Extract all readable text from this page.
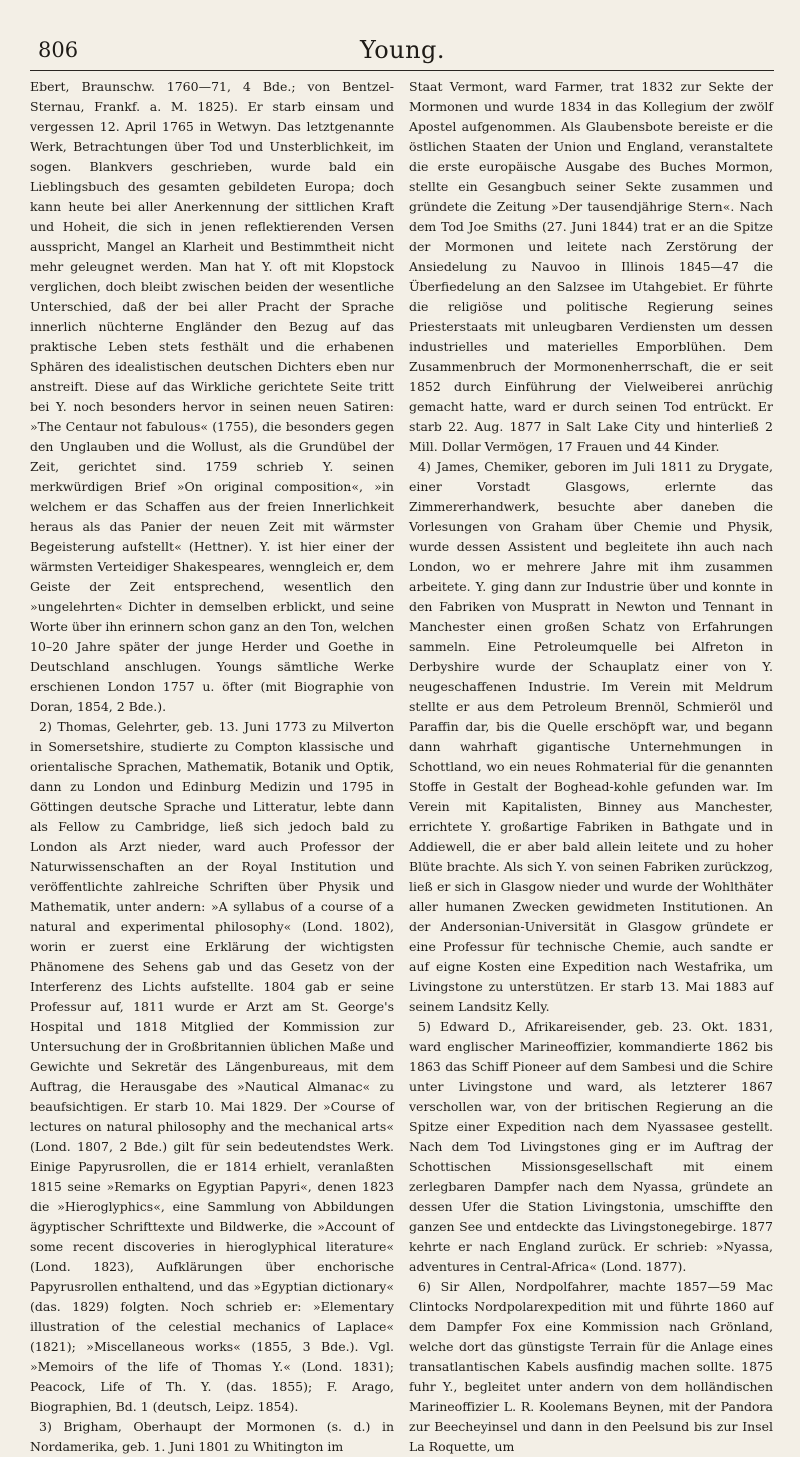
806	Young.

Ebert, Braunschw. 1760—71, 4 Bde.; von Bentzel-Sternau, Frankf. a. M. 1825). Er starb einsam und vergessen 12. April 1765 in Wetwyn. Das letztgenannte Werk, Betrachtungen über Tod und Unsterblichkeit, im sogen. Blankvers geschrieben, wurde bald ein Lieblingsbuch des gesamten gebildeten Europa; doch kann heute bei aller Anerkennung der sittlichen Kraft und Hoheit, die sich in jenen reflektierenden Versen ausspricht, Mangel an Klarheit und Bestimmtheit nicht mehr geleugnet werden. Man hat Y. oft mit Klopstock verglichen, doch bleibt zwischen beiden der wesentliche Unterschied, daß der bei aller Pracht der Sprache innerlich nüchterne Engländer den Bezug auf das praktische Leben stets festhält und die erhabenen Sphären des idealistischen deutschen Dichters eben nur anstreift. Diese auf das Wirkliche gerichtete Seite tritt bei Y. noch besonders hervor in seinen neuen Satiren: »The Centaur not fabulous« (1755), die besonders gegen den Unglauben und die Wollust, als die Grundübel der Zeit, gerichtet sind. 1759 schrieb Y. seinen merkwürdigen Brief »On original composition«, »in welchem er das Schaffen aus der freien Innerlichkeit heraus als das Panier der neuen Zeit mit wärmster Begeisterung aufstellt« (Hettner). Y. ist hier einer der wärmsten Verteidiger Shakespeares, wenngleich er, dem Geiste der Zeit entsprechend, wesentlich den »ungelehrten« Dichter in demselben erblickt, und seine Worte über ihn erinnern schon ganz an den Ton, welchen 10–20 Jahre später der junge Herder und Goethe in Deutschland anschlugen. Youngs sämtliche Werke erschienen London 1757 u. öfter (mit Biographie von Doran, 1854, 2 Bde.).

2) Thomas, Gelehrter, geb. 13. Juni 1773 zu Milverton in Somersetshire, studierte zu Compton klassische und orientalische Sprachen, Mathematik, Botanik und Optik, dann zu London und Edinburg Medizin und 1795 in Göttingen deutsche Sprache und Litteratur, lebte dann als Fellow zu Cambridge, ließ sich jedoch bald zu London als Arzt nieder, ward auch Professor der Naturwissenschaften an der Royal Institution und veröffentlichte zahlreiche Schriften über Physik und Mathematik, unter andern: »A syllabus of a course of a natural and experimental philosophy« (Lond. 1802), worin er zuerst eine Erklärung der wichtigsten Phänomene des Sehens gab und das Gesetz von der Interferenz des Lichts aufstellte. 1804 gab er seine Professur auf, 1811 wurde er Arzt am St. George's Hospital und 1818 Mitglied der Kommission zur Untersuchung der in Großbritannien üblichen Maße und Gewichte und Sekretär des Längenbureaus, mit dem Auftrag, die Herausgabe des »Nautical Almanac« zu beaufsichtigen. Er starb 10. Mai 1829. Der »Course of lectures on natural philosophy and the mechanical arts« (Lond. 1807, 2 Bde.) gilt für sein bedeutendstes Werk. Einige Papyrusrollen, die er 1814 erhielt, veranlaßten 1815 seine »Remarks on Egyptian Papyri«, denen 1823 die »Hieroglyphics«, eine Sammlung von Abbildungen ägyptischer Schrifttexte und Bildwerke, die »Account of some recent discoveries in hieroglyphical literature« (Lond. 1823), Aufklärungen über enchorische Papyrusrollen enthaltend, und das »Egyptian dictionary« (das. 1829) folgten. Noch schrieb er: »Elementary illustration of the celestial mechanics of Laplace« (1821); »Miscellaneous works« (1855, 3 Bde.). Vgl. »Memoirs of the life of Thomas Y.« (Lond. 1831); Peacock, Life of Th. Y. (das. 1855); F. Arago, Biographien, Bd. 1 (deutsch, Leipz. 1854).

3) Brigham, Oberhaupt der Mormonen (s. d.) in Nordamerika, geb. 1. Juni 1801 zu Whitington im

Staat Vermont, ward Farmer, trat 1832 zur Sekte der Mormonen und wurde 1834 in das Kollegium der zwölf Apostel aufgenommen. Als Glaubensbote bereiste er die östlichen Staaten der Union und England, veranstaltete die erste europäische Ausgabe des Buches Mormon, stellte ein Gesangbuch seiner Sekte zusammen und gründete die Zeitung »Der tausendjährige Stern«. Nach dem Tod Joe Smiths (27. Juni 1844) trat er an die Spitze der Mormonen und leitete nach Zerstörung der Ansiedelung zu Nauvoo in Illinois 1845—47 die Überfiedelung an den Salzsee im Utahgebiet. Er führte die religiöse und politische Regierung seines Priesterstaats mit unleugbaren Verdiensten um dessen industrielles und materielles Emporblühen. Dem Zusammenbruch der Mormonenherrschaft, die er seit 1852 durch Einführung der Vielweiberei anrüchig gemacht hatte, ward er durch seinen Tod entrückt. Er starb 22. Aug. 1877 in Salt Lake City und hinterließ 2 Mill. Dollar Vermögen, 17 Frauen und 44 Kinder.

4) James, Chemiker, geboren im Juli 1811 zu Drygate, einer Vorstadt Glasgows, erlernte das Zimmererhandwerk, besuchte aber daneben die Vorlesungen von Graham über Chemie und Physik, wurde dessen Assistent und begleitete ihn auch nach London, wo er mehrere Jahre mit ihm zusammen arbeitete. Y. ging dann zur Industrie über und konnte in den Fabriken von Muspratt in Newton und Tennant in Manchester einen großen Schatz von Erfahrungen sammeln. Eine Petroleumquelle bei Alfreton in Derbyshire wurde der Schauplatz einer von Y. neugeschaffenen Industrie. Im Verein mit Meldrum stellte er aus dem Petroleum Brennöl, Schmieröl und Paraffin dar, bis die Quelle erschöpft war, und begann dann wahrhaft gigantische Unternehmungen in Schottland, wo ein neues Rohmaterial für die genannten Stoffe in Gestalt der Boghead-kohle gefunden war. Im Verein mit Kapitalisten, Binney aus Manchester, errichtete Y. großartige Fabriken in Bathgate und in Addiewell, die er aber bald allein leitete und zu hoher Blüte brachte. Als sich Y. von seinen Fabriken zurückzog, ließ er sich in Glasgow nieder und wurde der Wohlthäter aller humanen Zwecken gewidmeten Institutionen. An der Andersonian-Universität in Glasgow gründete er eine Professur für technische Chemie, auch sandte er auf eigne Kosten eine Expedition nach Westafrika, um Livingstone zu unterstützen. Er starb 13. Mai 1883 auf seinem Landsitz Kelly.

5) Edward D., Afrikareisender, geb. 23. Okt. 1831, ward englischer Marineoffizier, kommandierte 1862 bis 1863 das Schiff Pioneer auf dem Sambesi und die Schire unter Livingstone und ward, als letzterer 1867 verschollen war, von der britischen Regierung an die Spitze einer Expedition nach dem Nyassasee gestellt. Nach dem Tod Livingstones ging er im Auftrag der Schottischen Missionsgesellschaft mit einem zerlegbaren Dampfer nach dem Nyassa, gründete an dessen Ufer die Station Livingstonia, umschiffte den ganzen See und entdeckte das Livingstonegebirge. 1877 kehrte er nach England zurück. Er schrieb: »Nyassa, adventures in Central-Africa« (Lond. 1877).

6) Sir Allen, Nordpolfahrer, machte 1857—59 Mac Clintocks Nordpolarexpedition mit und führte 1860 auf dem Dampfer Fox eine Kommission nach Grönland, welche dort das günstigste Terrain für die Anlage eines transatlantischen Kabels ausfindig machen sollte. 1875 fuhr Y., begleitet unter andern von dem holländischen Marineoffizier L. R. Koolemans Beynen, mit der Pandora zur Beecheyinsel und dann in den Peelsund bis zur Insel La Roquette, um
